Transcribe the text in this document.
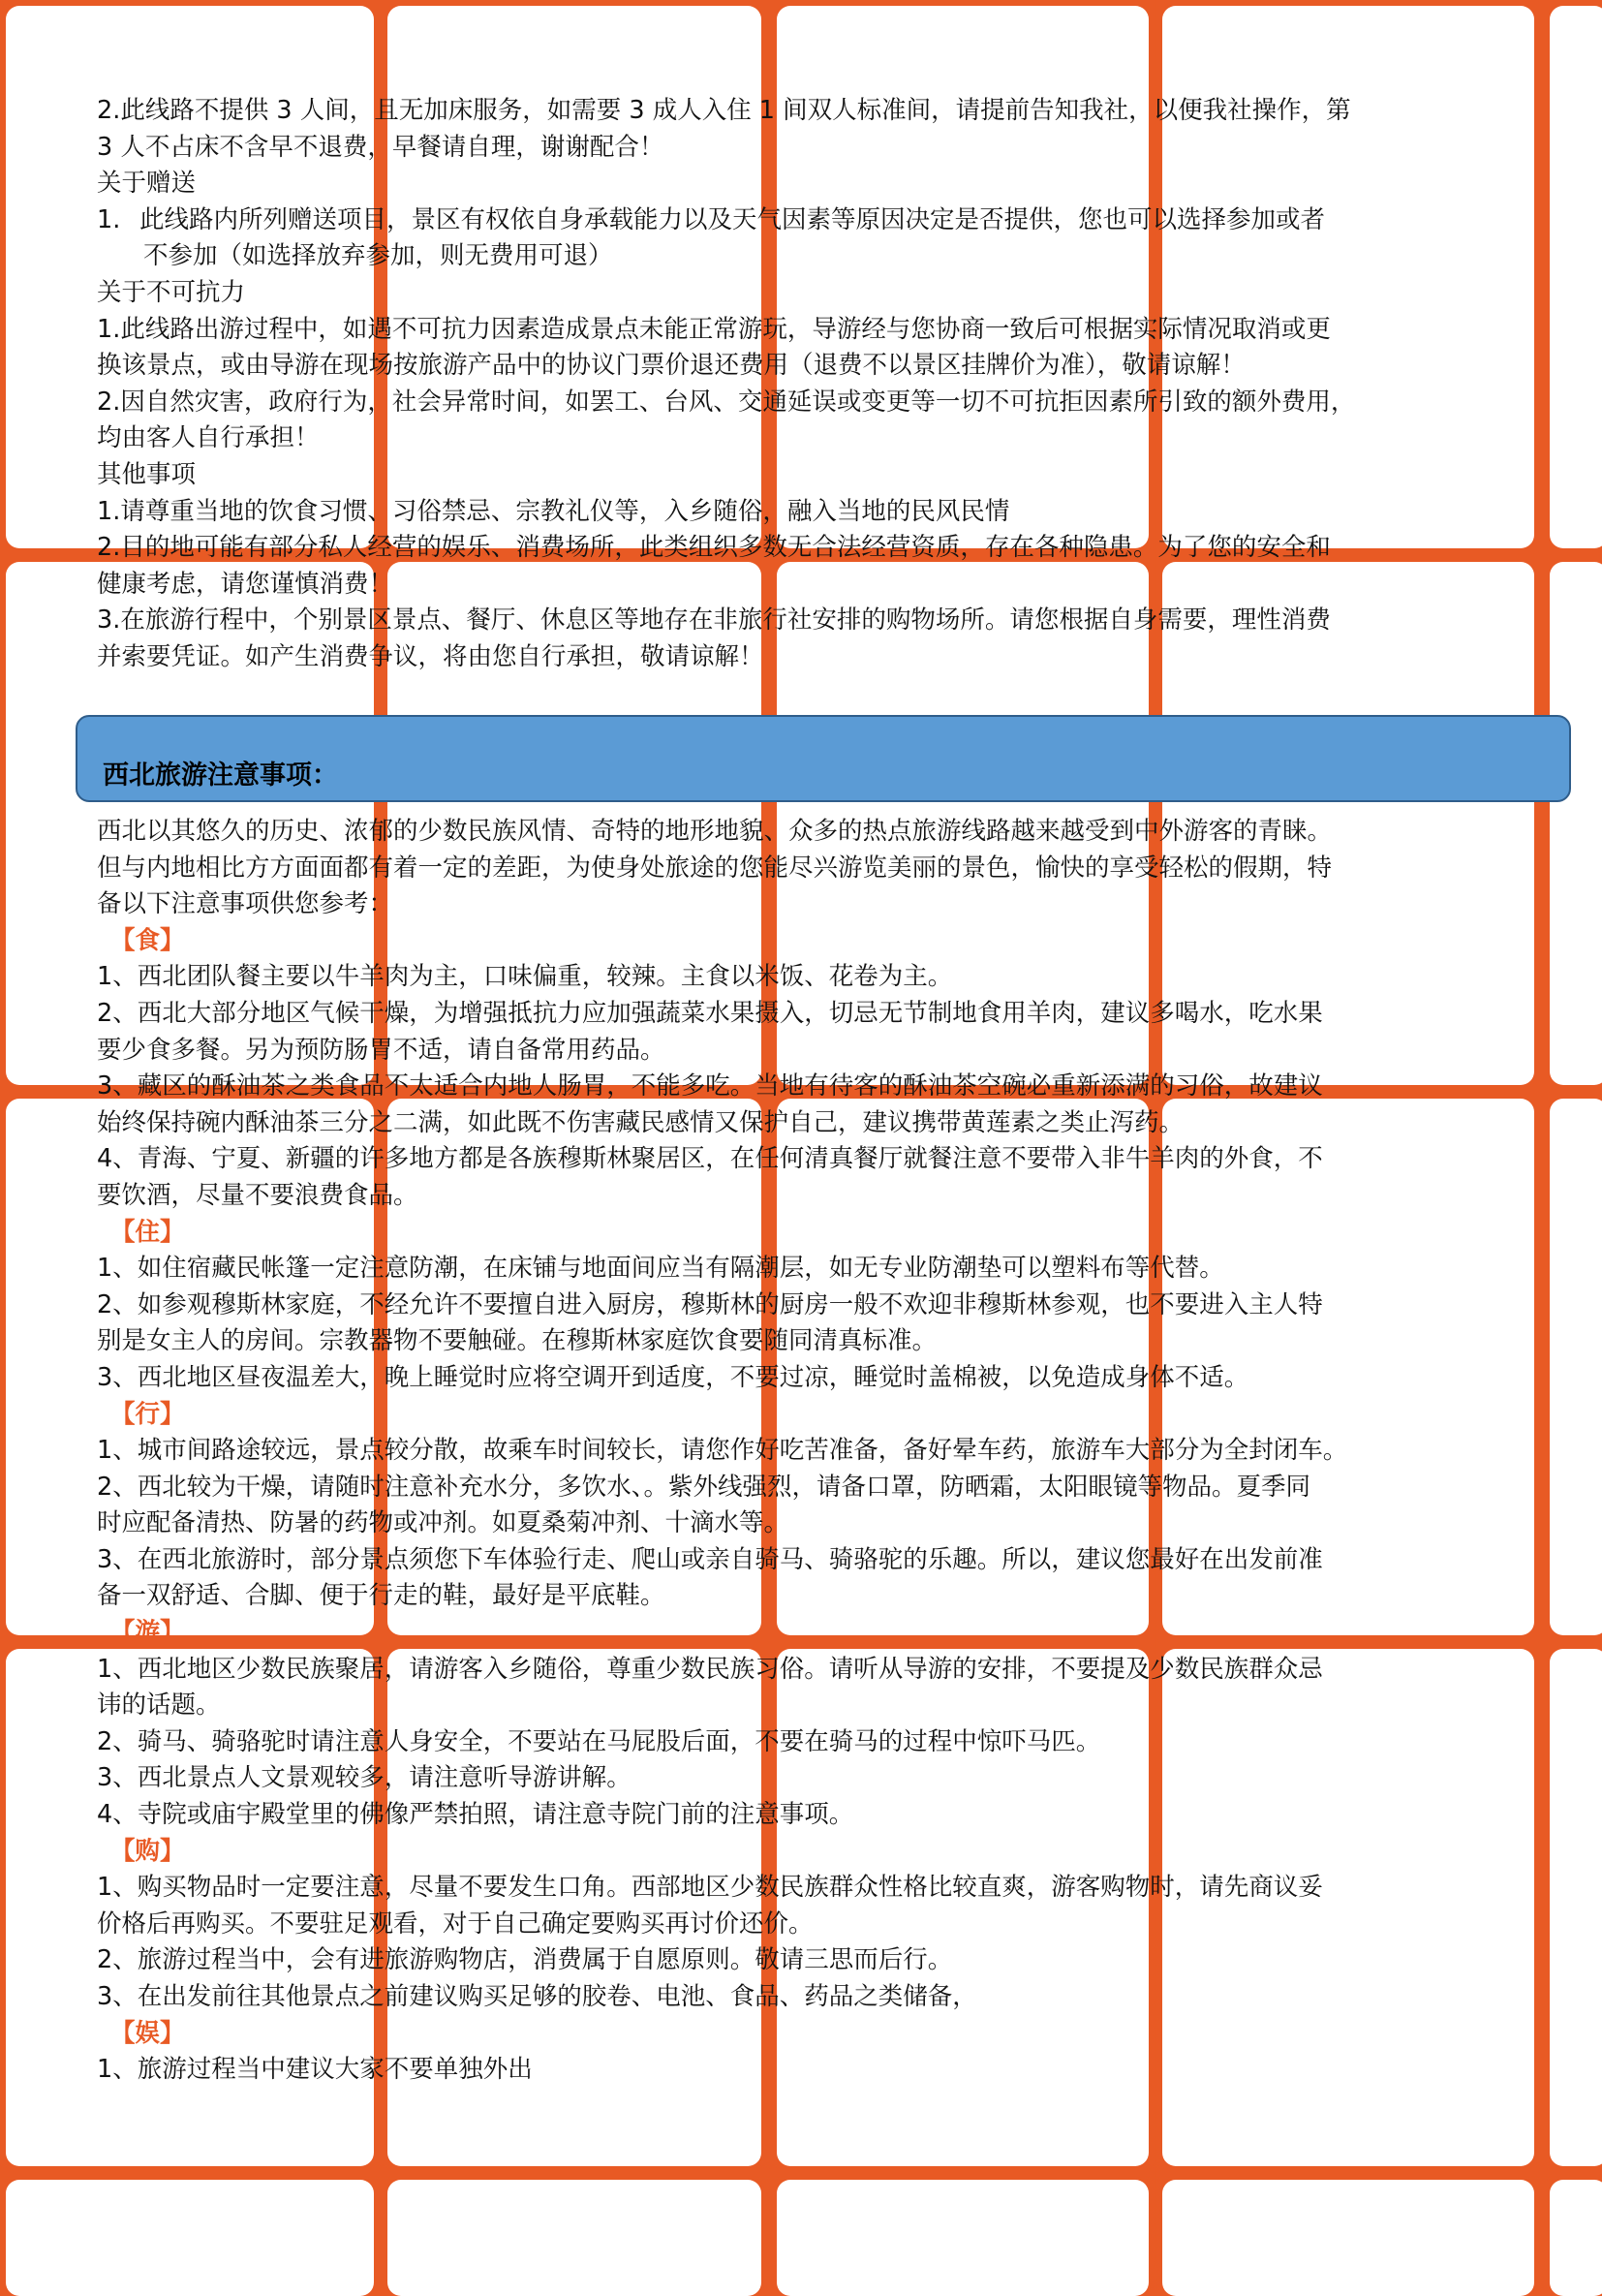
2.此线路不提供 3 人间，且无加床服务，如需要 3 成人入住 1 间双人标准间，请提前告知我社，以便我社操作，第

3 人不占床不含早不退费，早餐请自理，谢谢配合！

关于赠送

1. 此线路内所列赠送项目，景区有权依自身承载能力以及天气因素等原因决定是否提供，您也可以选择参加或者

不参加（如选择放弃参加，则无费用可退）

关于不可抗力

1.此线路出游过程中，如遇不可抗力因素造成景点未能正常游玩，导游经与您协商一致后可根据实际情况取消或更

换该景点，或由导游在现场按旅游产品中的协议门票价退还费用（退费不以景区挂牌价为准），敬请谅解！

2.因自然灾害，政府行为，社会异常时间，如罢工、台风、交通延误或变更等一切不可抗拒因素所引致的额外费用，

均由客人自行承担！

其他事项

1.请尊重当地的饮食习惯、习俗禁忌、宗教礼仪等，入乡随俗，融入当地的民风民情

2.目的地可能有部分私人经营的娱乐、消费场所，此类组织多数无合法经营资质，存在各种隐患。为了您的安全和

健康考虑，请您谨慎消费！

3.在旅游行程中，个别景区景点、餐厅、休息区等地存在非旅行社安排的购物场所。请您根据自身需要，理性消费

并索要凭证。如产生消费争议，将由您自行承担，敬请谅解！

西北旅游注意事项：

西北以其悠久的历史、浓郁的少数民族风情、奇特的地形地貌、众多的热点旅游线路越来越受到中外游客的青睐。

但与内地相比方方面面都有着一定的差距，为使身处旅途的您能尽兴游览美丽的景色，愉快的享受轻松的假期，特

备以下注意事项供您参考：

【食】

1、西北团队餐主要以牛羊肉为主，口味偏重，较辣。主食以米饭、花卷为主。

2、西北大部分地区气候干燥，为增强抵抗力应加强蔬菜水果摄入，切忌无节制地食用羊肉，建议多喝水，吃水果

要少食多餐。另为预防肠胃不适，请自备常用药品。

3、藏区的酥油茶之类食品不太适合内地人肠胃，不能多吃。当地有待客的酥油茶空碗必重新添满的习俗，故建议

始终保持碗内酥油茶三分之二满，如此既不伤害藏民感情又保护自己，建议携带黄莲素之类止泻药。

4、青海、宁夏、新疆的许多地方都是各族穆斯林聚居区，在任何清真餐厅就餐注意不要带入非牛羊肉的外食，不

要饮酒，尽量不要浪费食品。

【住】

1、如住宿藏民帐篷一定注意防潮，在床铺与地面间应当有隔潮层，如无专业防潮垫可以塑料布等代替。

2、如参观穆斯林家庭，不经允许不要擅自进入厨房，穆斯林的厨房一般不欢迎非穆斯林参观，也不要进入主人特

别是女主人的房间。宗教器物不要触碰。在穆斯林家庭饮食要随同清真标准。

3、西北地区昼夜温差大，晚上睡觉时应将空调开到适度，不要过凉，睡觉时盖棉被，以免造成身体不适。

【行】

1、城市间路途较远，景点较分散，故乘车时间较长，请您作好吃苦准备，备好晕车药，旅游车大部分为全封闭车。

2、西北较为干燥，请随时注意补充水分，多饮水、。紫外线强烈，请备口罩，防晒霜，太阳眼镜等物品。夏季同

时应配备清热、防暑的药物或冲剂。如夏桑菊冲剂、十滴水等。

3、在西北旅游时，部分景点须您下车体验行走、爬山或亲自骑马、骑骆驼的乐趣。所以，建议您最好在出发前准

备一双舒适、合脚、便于行走的鞋，最好是平底鞋。

【游】

1、西北地区少数民族聚居，请游客入乡随俗，尊重少数民族习俗。请听从导游的安排，不要提及少数民族群众忌

讳的话题。

2、骑马、骑骆驼时请注意人身安全，不要站在马屁股后面，不要在骑马的过程中惊吓马匹。

3、西北景点人文景观较多，请注意听导游讲解。

4、寺院或庙宇殿堂里的佛像严禁拍照，请注意寺院门前的注意事项。

【购】

1、购买物品时一定要注意，尽量不要发生口角。西部地区少数民族群众性格比较直爽，游客购物时，请先商议妥

价格后再购买。不要驻足观看，对于自己确定要购买再讨价还价。

2、旅游过程当中，会有进旅游购物店，消费属于自愿原则。敬请三思而后行。

3、在出发前往其他景点之前建议购买足够的胶卷、电池、食品、药品之类储备，

【娱】

1、旅游过程当中建议大家不要单独外出
